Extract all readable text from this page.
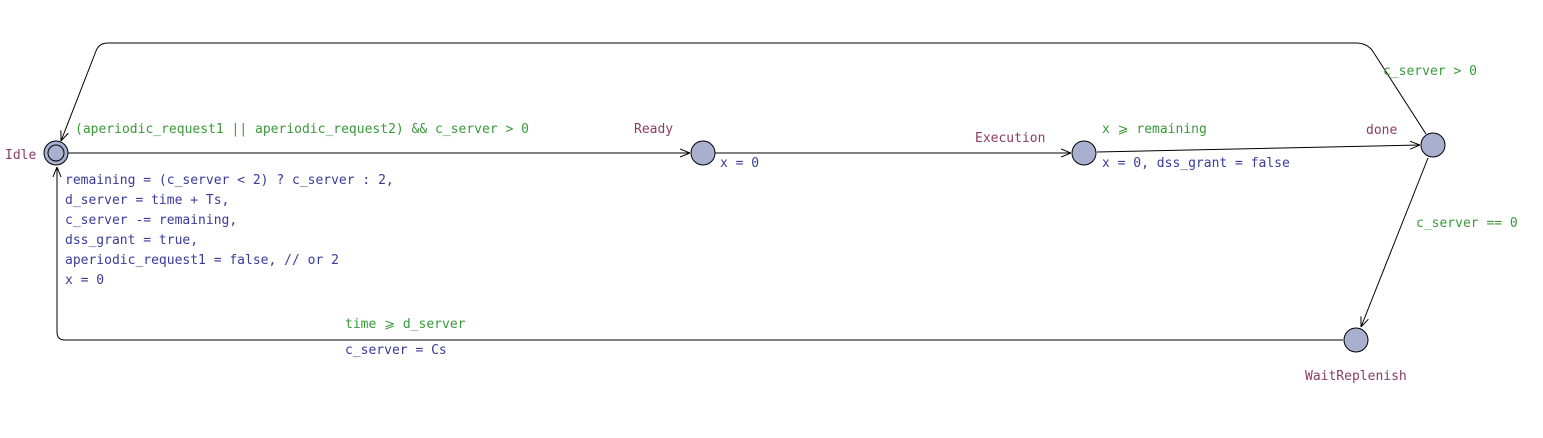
Idle
Ready
Execution
done
WaitReplenish
(aperiodic_request1 || aperiodic_request2) && c_server > 0
remaining = (c_server < 2) ? c_server : 2,
d_server = time + Ts,
c_server -= remaining,
dss_grant = true,
aperiodic_request1 = false, // or 2
x = 0
x = 0
x ⩾ remaining
x = 0, dss_grant = false
c_server > 0
c_server == 0
time ⩾ d_server
c_server = Cs
